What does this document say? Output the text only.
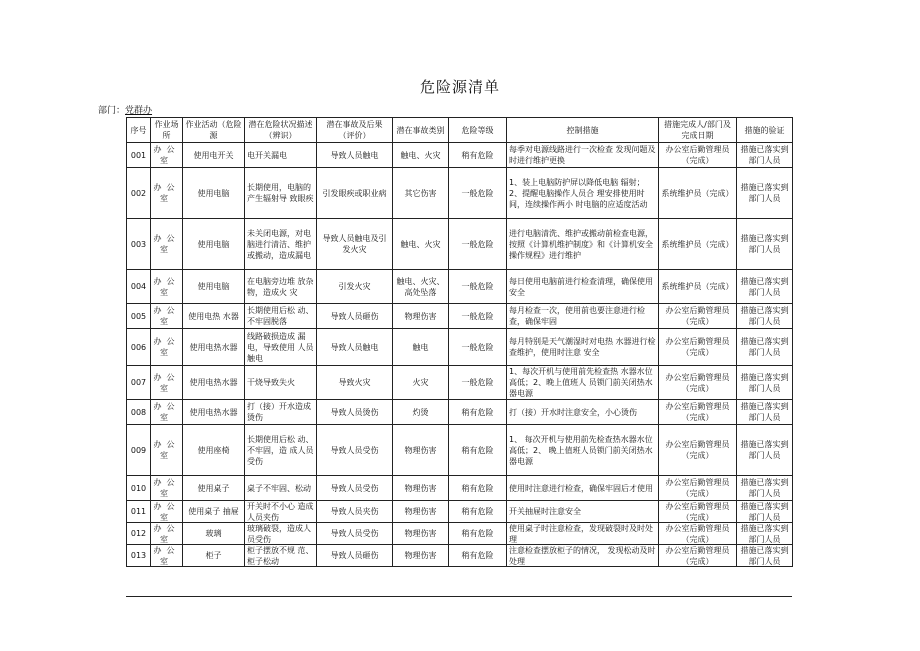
危险源清单
部门：党群办
序号	作业场 所	作业活动（危险源	潜在危险状况描述（辨识）	潜在事故及后果（评价）	潜在事故类别	危险等级	控制措施	措施完成人/部门及完成日期	措施的验证

001	办公室	使用电开关	电开关漏电	导致人员触电	触电、火灾	稍有危险	每季对电源线路进行一次检查 发现问题及时进行维护更换	办公室后勤管理员（完成）	措施已落实到部门人员

002	办公室	使用电脑	长期使用，电脑的产生辐射导 致眼疾	引发眼疾或职业病	其它伤害	一般危险	1、装上电脑防护屏以降低电脑 辐射；2、提醒电脑操作人员合 理安排使用时间，连续操作两小 时电脑的应适度活动	系统维护员（完成）	措施已落实到部门人员

003	办公室	使用电脑	未关闭电源，对电脑进行清洁、维护或搬动，造成漏电	导致人员触电及引发火灾	触电、火灾	一般危险	进行电脑清洗、维护或搬动前检查电源，按照《计算机维护制度》和《计算机安全操作规程》进行维护	系统维护员（完成）	措施已落实到部门人员

004	办公室	使用电脑	在电脑旁边堆 放杂物，造成火 灾	引发火灾	触电、火灾、高处坠落	一般危险	每日使用电脑前进行检查清理，确保使用安全	系统维护员（完成）	措施已落实到部门人员

005	办公室	使用电热 水器	长期使用后松 动、不牢固脱落	导致人员砸伤	物理伤害	一般危险	每月检查一次，使用前也要注意进行检查，确保牢固	办公室后勤管理员（完成）	措施已落实到部门人员

006	办公室	使用电热水器	线路破损造成 漏电，导致使用 人员触电	导致人员触电	触电	一般危险	每月特别是天气潮湿时对电热 水器进行检查维护，使用时注意 安全	办公室后勤管理员（完成）	措施已落实到部门人员

007	办公室	使用电热水器	干烧导致失火	导致火灾	火灾	一般危险	1、每次开机与使用前先检查热 水器水位高低；2、晚上值班人 员锁门前关闭热水器电源	办公室后勤管理员（完成）	措施已落实到部门人员

008	办公室	使用电热水器	打（接）开水造成烫伤	导致人员烫伤	灼烫	稍有危险	打（接）开水时注意安全，小心烫伤	办公室后勤管理员（完成）	措施已落实到部门人员

009	办公室	使用座椅	长期使用后松 动、不牢固，造 成人员受伤	导致人员受伤	物理伤害	稍有危险	1、 每次开机与使用前先检查热水器水位高低；2、 晚上值班人员锁门前关闭热水器电源	办公室后勤管理员（完成）	措施已落实到部门人员

010	办公室	使用桌子	桌子不牢固、松动	导致人员受伤	物理伤害	稍有危险	使用时注意进行检查，确保牢固后才使用	办公室后勤管理员（完成）	措施已落实到部门人员

011	办公室	使用桌子 抽屉	开关时不小心 造成人员夹伤	导致人员夹伤	物理伤害	稍有危险	开关抽屉时注意安全	办公室后勤管理员（完成）	措施已落实到部门人员

012	办公室	玻璃	玻璃破裂，造成人员受伤	导致人员受伤	物理伤害	稍有危险	使用桌子时注意检查，发现破裂时及时处理	办公室后勤管理员（完成）	措施已落实到部门人员

013	办公室	柜子	柜子摆放不规 范、柜子松动	导致人员砸伤	物理伤害	稍有危险	注意检查摆放柜子的情况， 发现松动及时处理	办公室后勤管理员（完成）	措施已落实到部门人员
